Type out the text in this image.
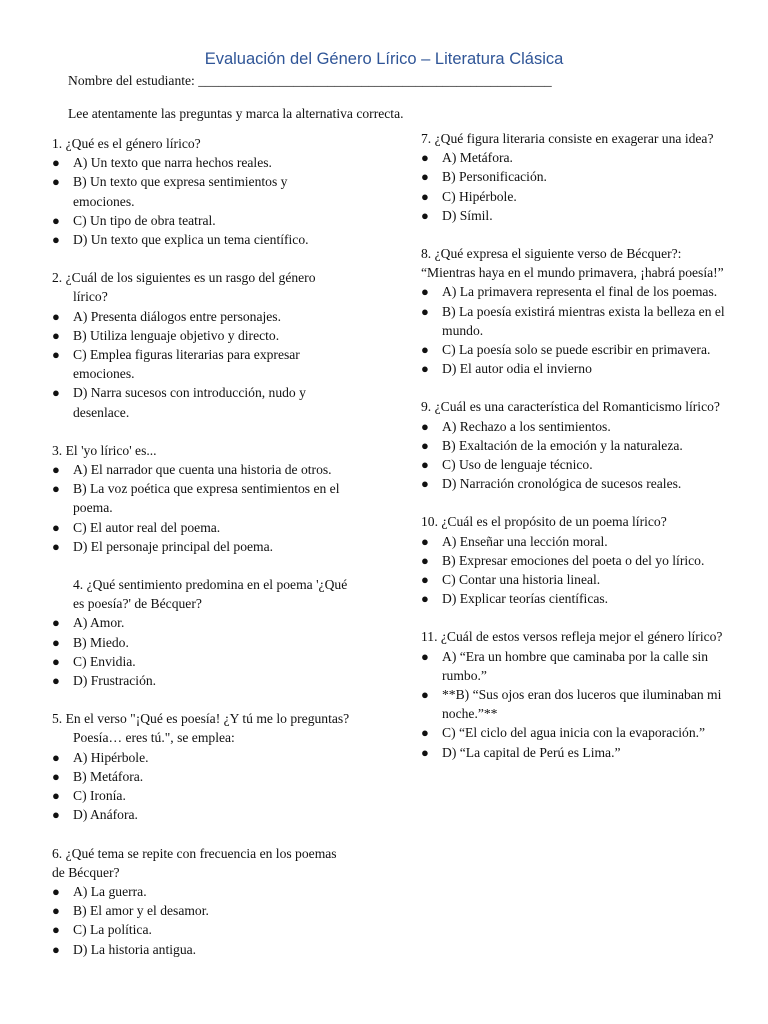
Evaluación del Género Lírico – Literatura Clásica
Nombre del estudiante: ____________________________________________________
Lee atentamente las preguntas y marca la alternativa correcta.
1. ¿Qué es el género lírico?
● A) Un texto que narra hechos reales.
● B) Un texto que expresa sentimientos y emociones.
● C) Un tipo de obra teatral.
● D) Un texto que explica un tema científico.
2. ¿Cuál de los siguientes es un rasgo del género lírico?
● A) Presenta diálogos entre personajes.
● B) Utiliza lenguaje objetivo y directo.
● C) Emplea figuras literarias para expresar emociones.
● D) Narra sucesos con introducción, nudo y desenlace.
3. El 'yo lírico' es...
● A) El narrador que cuenta una historia de otros.
● B) La voz poética que expresa sentimientos en el poema.
● C) El autor real del poema.
● D) El personaje principal del poema.
4. ¿Qué sentimiento predomina en el poema '¿Qué es poesía?' de Bécquer?
● A) Amor.
● B) Miedo.
● C) Envidia.
● D) Frustración.
5. En el verso "¡Qué es poesía! ¿Y tú me lo preguntas? Poesía… eres tú.", se emplea:
● A) Hipérbole.
● B) Metáfora.
● C) Ironía.
● D) Anáfora.
6. ¿Qué tema se repite con frecuencia en los poemas de Bécquer?
● A) La guerra.
● B) El amor y el desamor.
● C) La política.
● D) La historia antigua.
7. ¿Qué figura literaria consiste en exagerar una idea?
● A) Metáfora.
● B) Personificación.
● C) Hipérbole.
● D) Símil.
8. ¿Qué expresa el siguiente verso de Bécquer?: “Mientras haya en el mundo primavera, ¡habrá poesía!”
● A) La primavera representa el final de los poemas.
● B) La poesía existirá mientras exista la belleza en el mundo.
● C) La poesía solo se puede escribir en primavera.
● D) El autor odia el invierno
9. ¿Cuál es una característica del Romanticismo lírico?
● A) Rechazo a los sentimientos.
● B) Exaltación de la emoción y la naturaleza.
● C) Uso de lenguaje técnico.
● D) Narración cronológica de sucesos reales.
10. ¿Cuál es el propósito de un poema lírico?
● A) Enseñar una lección moral.
● B) Expresar emociones del poeta o del yo lírico.
● C) Contar una historia lineal.
● D) Explicar teorías científicas.
11. ¿Cuál de estos versos refleja mejor el género lírico?
● A) “Era un hombre que caminaba por la calle sin rumbo.”
● **B) “Sus ojos eran dos luceros que iluminaban mi noche.”**
● C) “El ciclo del agua inicia con la evaporación.”
● D) “La capital de Perú es Lima.”
